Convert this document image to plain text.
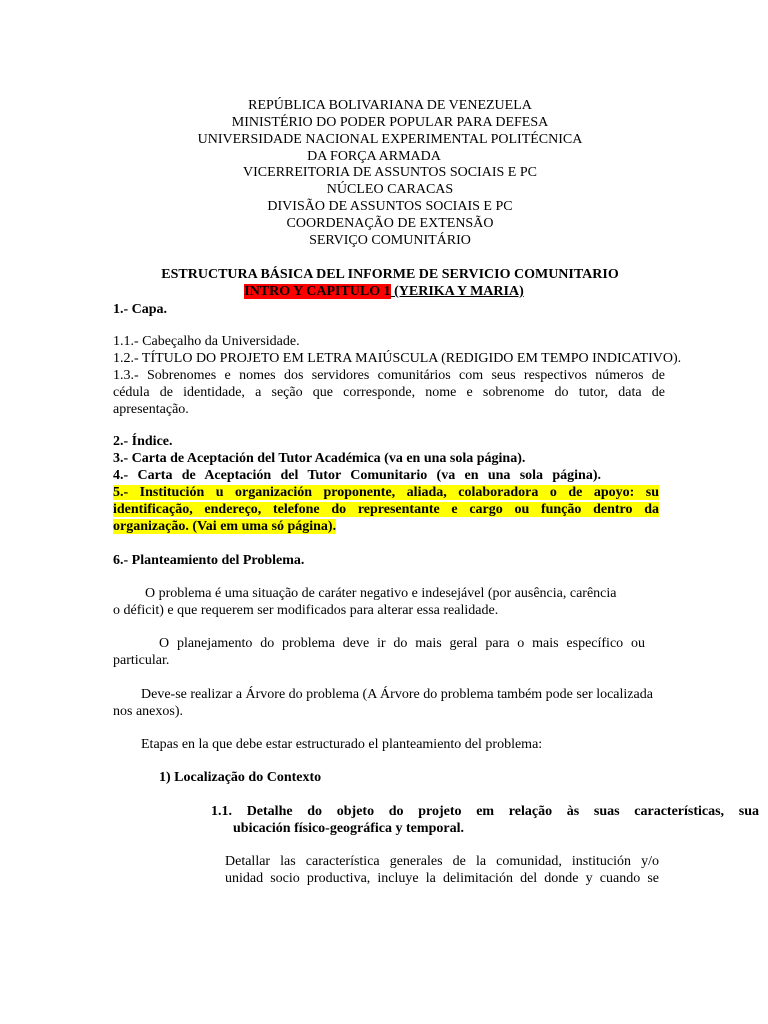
REPÚBLICA BOLIVARIANA DE VENEZUELA
MINISTÉRIO DO PODER POPULAR PARA DEFESA
UNIVERSIDADE NACIONAL EXPERIMENTAL POLITÉCNICA
DA FORÇA ARMADA
VICERREITORIA DE ASSUNTOS SOCIAIS E PC
NÚCLEO CARACAS
DIVISÃO DE ASSUNTOS SOCIAIS E PC
COORDENAÇÃO DE EXTENSÃO
SERVIÇO COMUNITÁRIO
ESTRUCTURA BÁSICA DEL INFORME DE SERVICIO COMUNITARIO
INTRO Y CAPITULO 1 (YERIKA Y MARIA)
1.- Capa.
1.1.- Cabeçalho da Universidade.
1.2.- TÍTULO DO PROJETO EM LETRA MAIÚSCULA (REDIGIDO EM TEMPO INDICATIVO).
1.3.- Sobrenomes e nomes dos servidores comunitários com seus respectivos números de
cédula de identidade, a seção que corresponde, nome e sobrenome do tutor, data de
apresentação.
2.- Índice.
3.- Carta de Aceptación del Tutor Académica (va en una sola página).
4.- Carta de Aceptación del Tutor Comunitario (va en una sola página).
5.- Institución u organización proponente, aliada, colaboradora o de apoyo: su
identificação, endereço, telefone do representante e cargo ou função dentro da
organização. (Vai em uma só página).
6.- Planteamiento del Problema.
O problema é uma situação de caráter negativo e indesejável (por ausência, carência
o déficit) e que requerem ser modificados para alterar essa realidade.
O planejamento do problema deve ir do mais geral para o mais específico ou
particular.
Deve-se realizar a Árvore do problema (A Árvore do problema também pode ser localizada
nos anexos).
Etapas en la que debe estar estructurado el planteamiento del problema:
1) Localização do Contexto
1.1. Detalhe do objeto do projeto em relação às suas características, sua
ubicación físico-geográfica y temporal.
Detallar las característica generales de la comunidad, institución y/o
unidad socio productiva, incluye la delimitación del donde y cuando se
